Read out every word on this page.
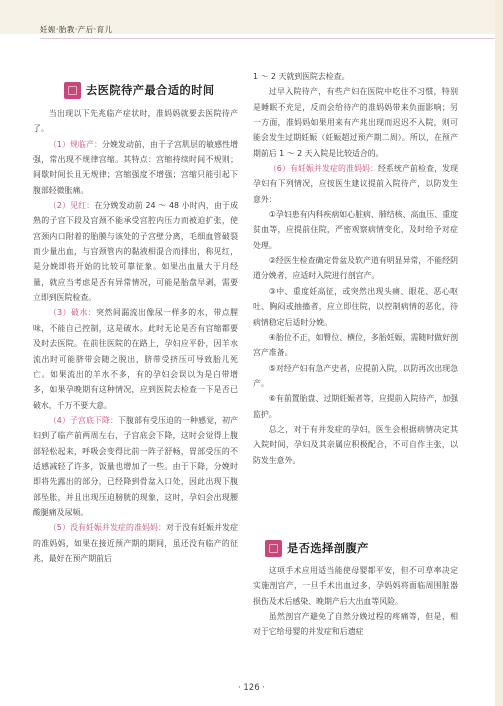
妊娠·胎教·产后·育儿
去医院待产最合适的时间

当出现以下先兆临产症状时，准妈妈就要去医院待产了。

（1）规临产：分娩发动前，由于子宫肌层的敏感性增强，常出现不规律宫缩。其特点：宫缩持续时间不规则；间歇时间长且无规律；宫缩强度不增强；宫缩只能引起下腹部轻微胀痛。

（2）见红：在分娩发动前 24 ～ 48 小时内，由于成熟的子宫下段及宫颈不能承受宫腔内压力而被迫扩张，使宫颈内口附着的胎膜与该处的子宫壁分离，毛细血管破裂而少量出血，与宫颈管内的黏液相混合而排出，称见红，是分娩即将开始的比较可靠征象。如果出血量大于月经量，就应当考虑是否有异常情况，可能是胎盘早剥，需要立即到医院检查。

（3）破水：突然间漏流出像尿一样多的水，带点腥味，不能自己控制，这是破水。此时无论是否有宫缩都要及时去医院。在前往医院的在路上，孕妇应平卧，因羊水流出时可能脐带会随之脱出，脐带受挤压可导致胎儿死亡。如果流出的羊水不多，有的孕妇会误以为是白带增多，如果孕晚期有这种情况，应到医院去检查一下是否已破水，千万不要大意。

（4）子宫底下降：下腹部有受压迫的一种感觉，初产妇到了临产前两周左右，子宫底会下降，这时会觉得上腹部轻松起来，呼吸会变得比前一阵子舒畅，胃部受压的不适感减轻了许多，饭量也增加了一些。由于下降，分娩时即将先露出的部分，已经降到骨盆入口处，因此出现下腹部坠胀，并且出现压迫膀胱的现象，这时，孕妇会出现腰酸腿痛及尿频。

（5）没有妊娠并发症的准妈妈：对于没有妊娠并发症的准妈妈，如果在接近预产期的期间，虽还没有临产的征兆，最好在预产期前后

1 ～ 2 天就到医院去检查。

过早入院待产，有些产妇在医院中吃住不习惯，特别是睡眠不充足，反而会给待产的准妈妈带来负面影响；另一方面，准妈妈如果用来有产兆出现而迟迟不入院，则可能会发生过期妊娠（妊娠超过预产期二周）。所以，在预产期前后 1 ～ 2 天入院是比较适合的。

（6）有妊娠并发症的准妈妈：经系统产前检查，发现孕妇有下列情况，应按医生建议提前入院待产，以防发生意外：

①孕妇患有内科疾病如心脏病、肺结核、高血压、重度贫血等，应提前住院，严密观察病情变化，及时给予对症处理。

②经医生检查确定骨盆及软产道有明显异常，不能经阴道分娩者，应适时入院进行剖宫产。

③中、重度妊高征，或突然出现头痛、眼花、恶心呕吐、胸闷或抽搐者，应立即住院，以控制病情的恶化，待病情稳定后适时分娩。

④胎位不正，如臀位、横位，多胎妊娠，需随时做好剖宫产准备。

⑤对经产妇有急产史者，应提前入院，以防再次出现急产。

⑥有前置胎盘、过期妊娠者等，应提前入院待产，加强监护。

总之，对于有并发症的孕妇，医生会根据病情决定其入院时间，孕妇及其亲属应积极配合，不可自作主张，以防发生意外。

是否选择剖腹产

这项手术应用适当能使母婴都平安，但不可草率决定实施剖宫产，一旦手术出血过多，孕妈妈将面临周围脏器损伤及术后感染、晚期产后大出血等风险。

虽然剖宫产避免了自然分娩过程的疼痛等，但是，相对于它给母婴的并发症和后遗症

· 126 ·
